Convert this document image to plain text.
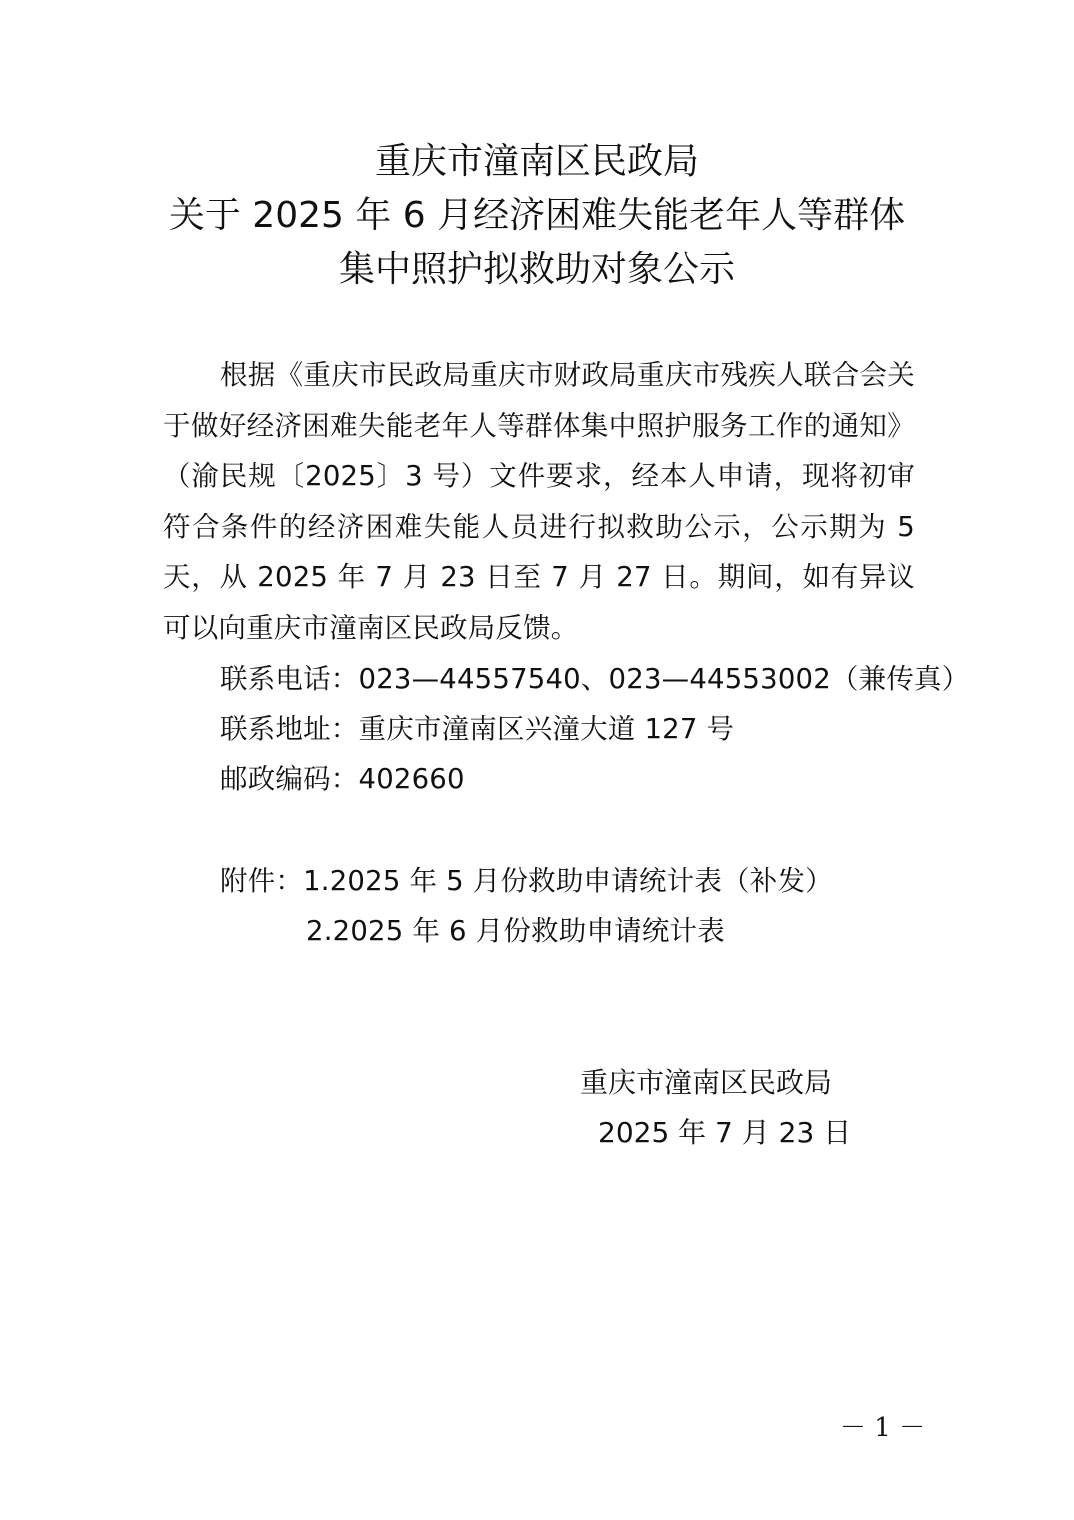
重庆市潼南区民政局
关于 2025 年 6 月经济困难失能老年人等群体
集中照护拟救助对象公示
根据《重庆市民政局重庆市财政局重庆市残疾人联合会关于做好经济困难失能老年人等群体集中照护服务工作的通知》（渝民规〔2025〕3 号）文件要求，经本人申请，现将初审符合条件的经济困难失能人员进行拟救助公示，公示期为 5 天，从 2025 年 7 月 23 日至 7 月 27 日。期间，如有异议可以向重庆市潼南区民政局反馈。
联系电话：023—44557540、023—44553002（兼传真）
联系地址：重庆市潼南区兴潼大道 127 号
邮政编码：402660
附件：1.2025 年 5 月份救助申请统计表（补发）
2.2025 年 6 月份救助申请统计表
重庆市潼南区民政局
2025 年 7 月 23 日
－ 1 －
